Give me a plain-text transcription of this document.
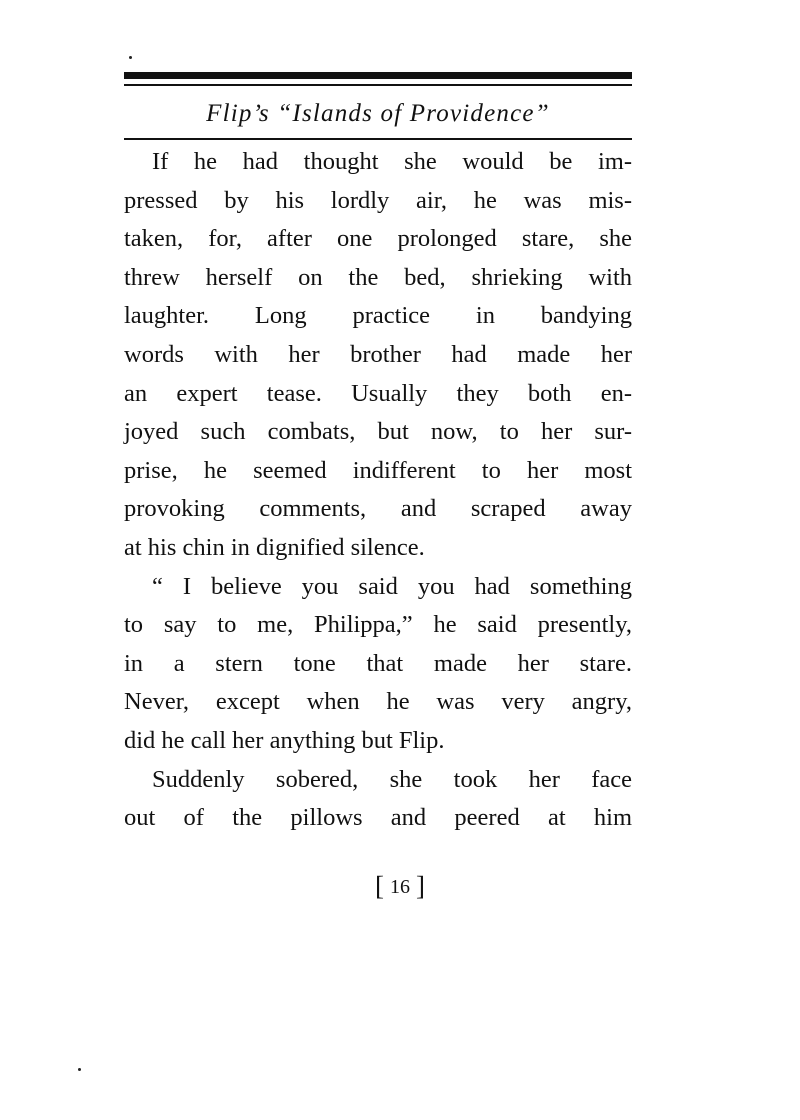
Flip’s “Islands of Providence”
If he had thought she would be im-
pressed by his lordly air, he was mis-
taken, for, after one prolonged stare, she
threw herself on the bed, shrieking with
laughter. Long practice in bandying
words with her brother had made her
an expert tease. Usually they both en-
joyed such combats, but now, to her sur-
prise, he seemed indifferent to her most
provoking comments, and scraped away
at his chin in dignified silence.
“ I believe you said you had something
to say to me, Philippa,” he said presently,
in a stern tone that made her stare.
Never, except when he was very angry,
did he call her anything but Flip.
Suddenly sobered, she took her face
out of the pillows and peered at him
[ 16 ]
